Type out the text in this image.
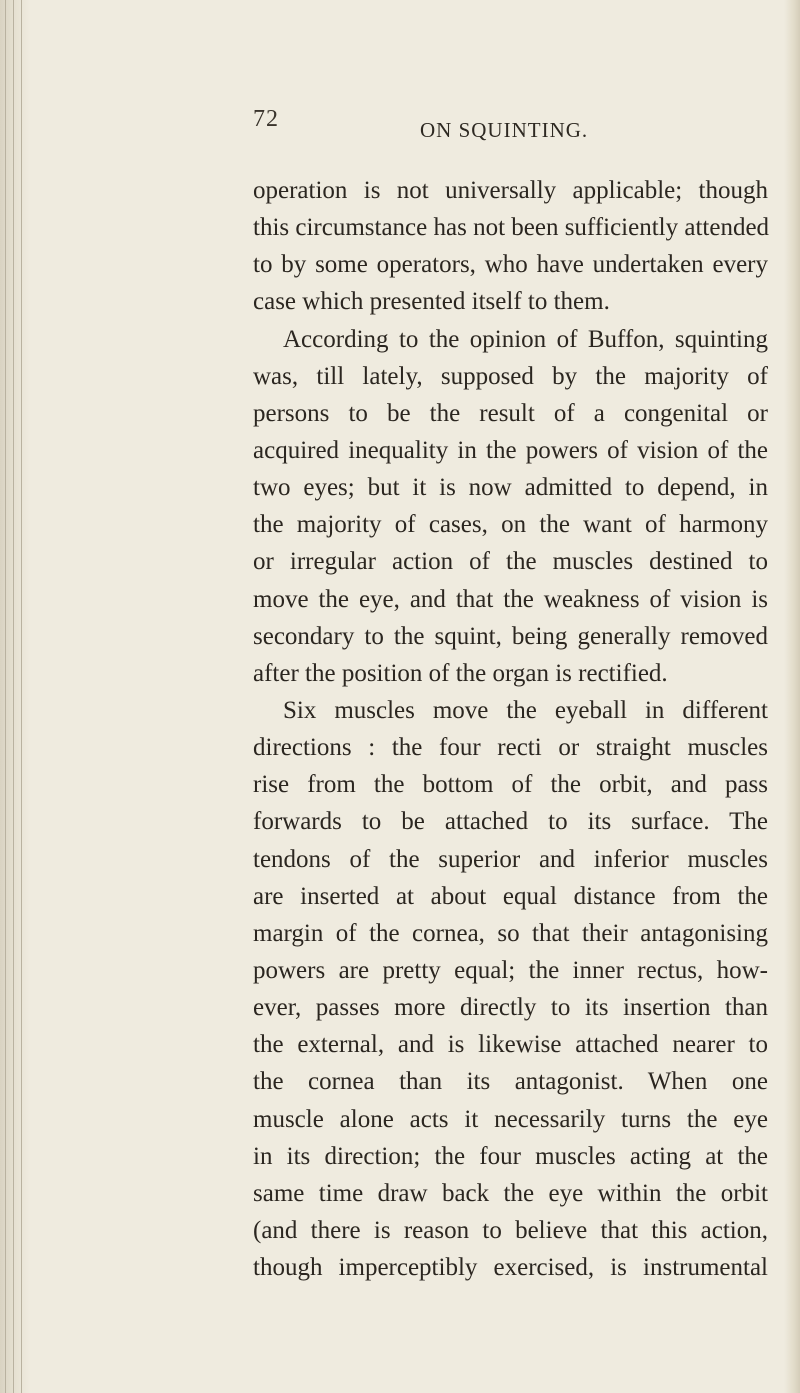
72	ON SQUINTING.
operation is not universally applicable; though
this circumstance has not been sufficiently attended
to by some operators, who have undertaken every
case which presented itself to them.
According to the opinion of Buffon, squinting
was, till lately, supposed by the majority of
persons to be the result of a congenital or
acquired inequality in the powers of vision of the
two eyes; but it is now admitted to depend, in
the majority of cases, on the want of harmony
or irregular action of the muscles destined to
move the eye, and that the weakness of vision is
secondary to the squint, being generally removed
after the position of the organ is rectified.
Six muscles move the eyeball in different
directions : the four recti or straight muscles
rise from the bottom of the orbit, and pass
forwards to be attached to its surface. The
tendons of the superior and inferior muscles
are inserted at about equal distance from the
margin of the cornea, so that their antagonising
powers are pretty equal; the inner rectus, how-
ever, passes more directly to its insertion than
the external, and is likewise attached nearer to
the cornea than its antagonist. When one
muscle alone acts it necessarily turns the eye
in its direction; the four muscles acting at the
same time draw back the eye within the orbit
(and there is reason to believe that this action,
though imperceptibly exercised, is instrumental
